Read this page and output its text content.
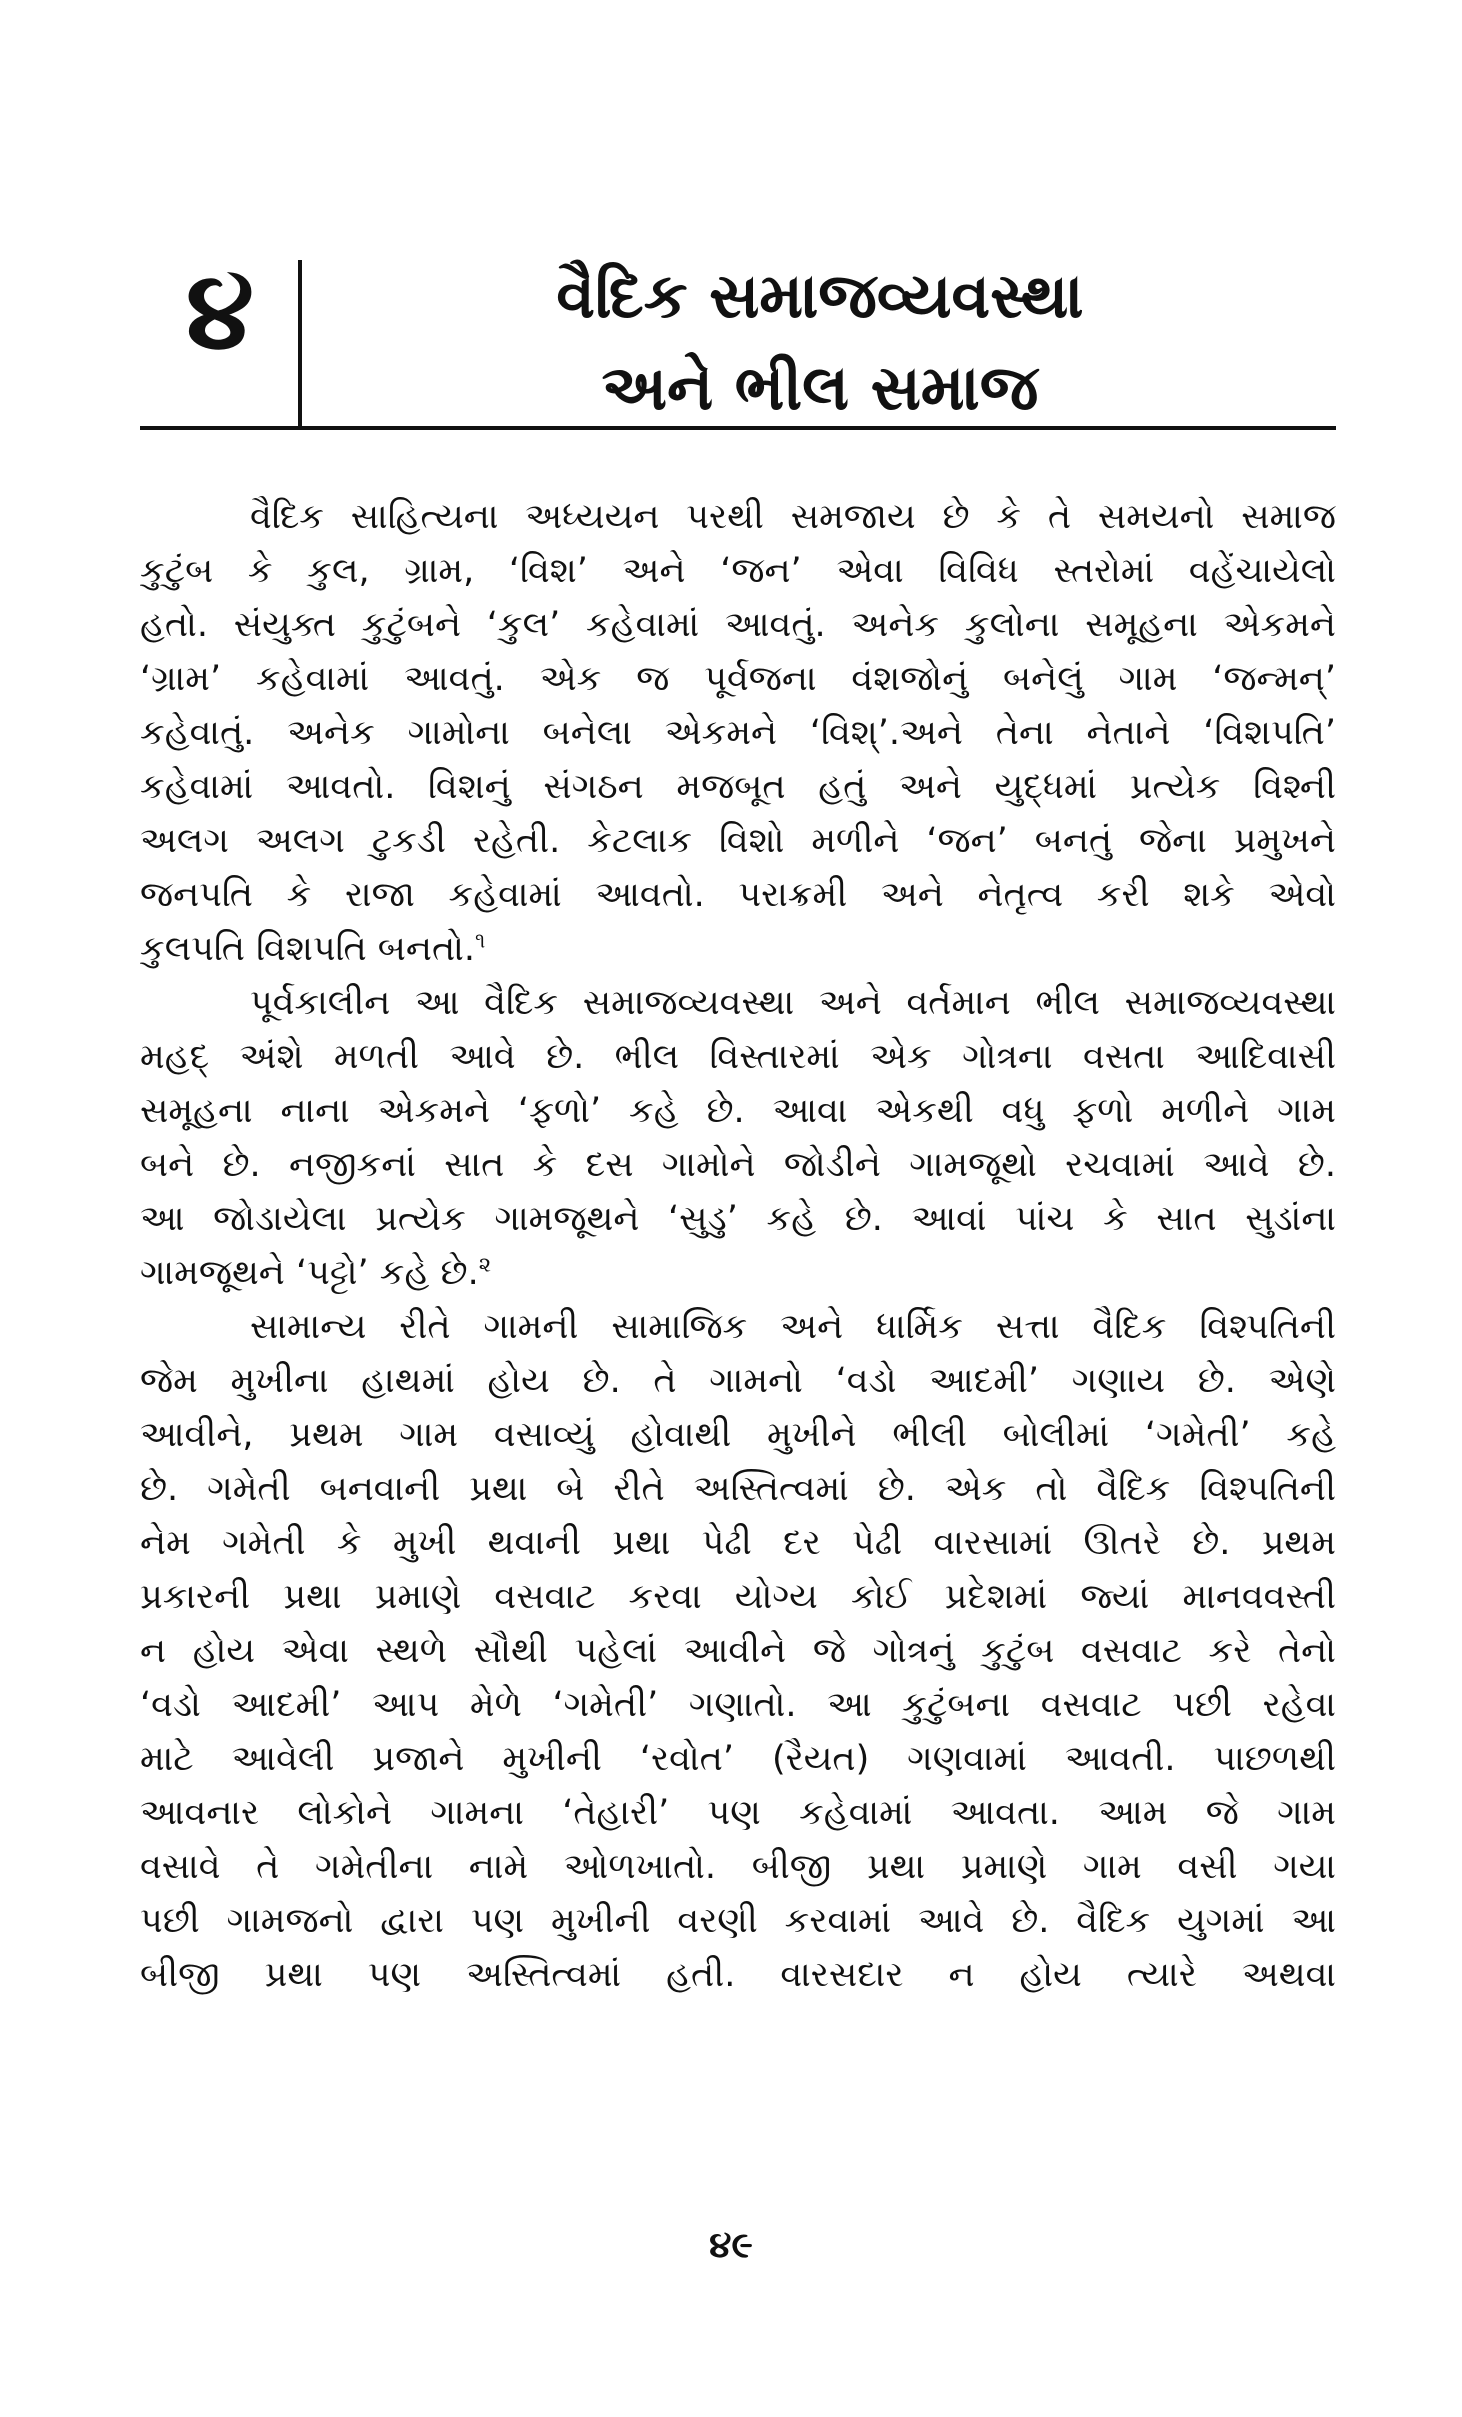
૪	વૈદિક સમાજવ્યવસ્થા
અને ભીલ સમાજ
વૈદિક સાહિત્યના અધ્યયન પરથી સમજાય છે કે તે સમયનો સમાજ
કુટુંબ કે કુલ, ગ્રામ, ‘વિશ’ અને ‘જન’ એવા વિવિધ સ્તરોમાં વહેંચાયેલો
હતો. સંયુક્ત કુટુંબને ‘કુલ’ કહેવામાં આવતું. અનેક કુલોના સમૂહના એકમને
‘ગ્રામ’ કહેવામાં આવતું. એક જ પૂર્વજના વંશજોનું બનેલું ગામ ‘જન્મન્’
કહેવાતું. અનેક ગામોના બનેલા એકમને ‘વિશ્’.અને તેના નેતાને ‘વિશપતિ’
કહેવામાં આવતો. વિશનું સંગઠન મજબૂત હતું અને યુદ્ધમાં પ્રત્યેક વિશ્ની
અલગ અલગ ટુકડી રહેતી. કેટલાક વિશો મળીને ‘જન’ બનતું જેના પ્રમુખને
જનપતિ કે રાજા કહેવામાં આવતો. પરાક્રમી અને નેતૃત્વ કરી શકે એવો
કુલપતિ વિશપતિ બનતો.$^૧$
પૂર્વકાલીન આ વૈદિક સમાજવ્યવસ્થા અને વર્તમાન ભીલ સમાજવ્યવસ્થા
મહદ્ અંશે મળતી આવે છે. ભીલ વિસ્તારમાં એક ગોત્રના વસતા આદિવાસી
સમૂહના નાના એકમને ‘ફળો’ કહે છે. આવા એકથી વધુ ફળો મળીને ગામ
બને છે. નજીકનાં સાત કે દસ ગામોને જોડીને ગામજૂથો રચવામાં આવે છે.
આ જોડાયેલા પ્રત્યેક ગામજૂથને ‘સુડુ’ કહે છે. આવાં પાંચ કે સાત સુડાંના
ગામજૂથને ‘પટ્ટો’ કહે છે.$^૨$
સામાન્ય રીતે ગામની સામાજિક અને ધાર્મિક સત્તા વૈદિક વિશ્પતિની
જેમ મુખીના હાથમાં હોય છે. તે ગામનો ‘વડો આદમી’ ગણાય છે. એણે
આવીને, પ્રથમ ગામ વસાવ્યું હોવાથી મુખીને ભીલી બોલીમાં ‘ગમેતી’ કહે
છે. ગમેતી બનવાની પ્રથા બે રીતે અસ્તિત્વમાં છે. એક તો વૈદિક વિશ્પતિની
નેમ ગમેતી કે મુખી થવાની પ્રથા પેઢી દર પેઢી વારસામાં ઊતરે છે. પ્રથમ
પ્રકારની પ્રથા પ્રમાણે વસવાટ કરવા યોગ્ય કોઈ પ્રદેશમાં જ્યાં માનવવસ્તી
ન હોય એવા સ્થળે સૌથી પહેલાં આવીને જે ગોત્રનું કુટુંબ વસવાટ કરે તેનો
‘વડો આદમી’ આપ મેળે ‘ગમેતી’ ગણાતો. આ કુટુંબના વસવાટ પછી રહેવા
માટે આવેલી પ્રજાને મુખીની ‘રવોત’ (રૈયત) ગણવામાં આવતી. પાછળથી
આવનાર લોકોને ગામના ‘તેહારી’ પણ કહેવામાં આવતા. આમ જે ગામ
વસાવે તે ગમેતીના નામે ઓળખાતો. બીજી પ્રથા પ્રમાણે ગામ વસી ગયા
પછી ગામજનો દ્વારા પણ મુખીની વરણી કરવામાં આવે છે. વૈદિક યુગમાં આ
બીજી પ્રથા પણ અસ્તિત્વમાં હતી. વારસદાર ન હોય ત્યારે અથવા
૪૯
